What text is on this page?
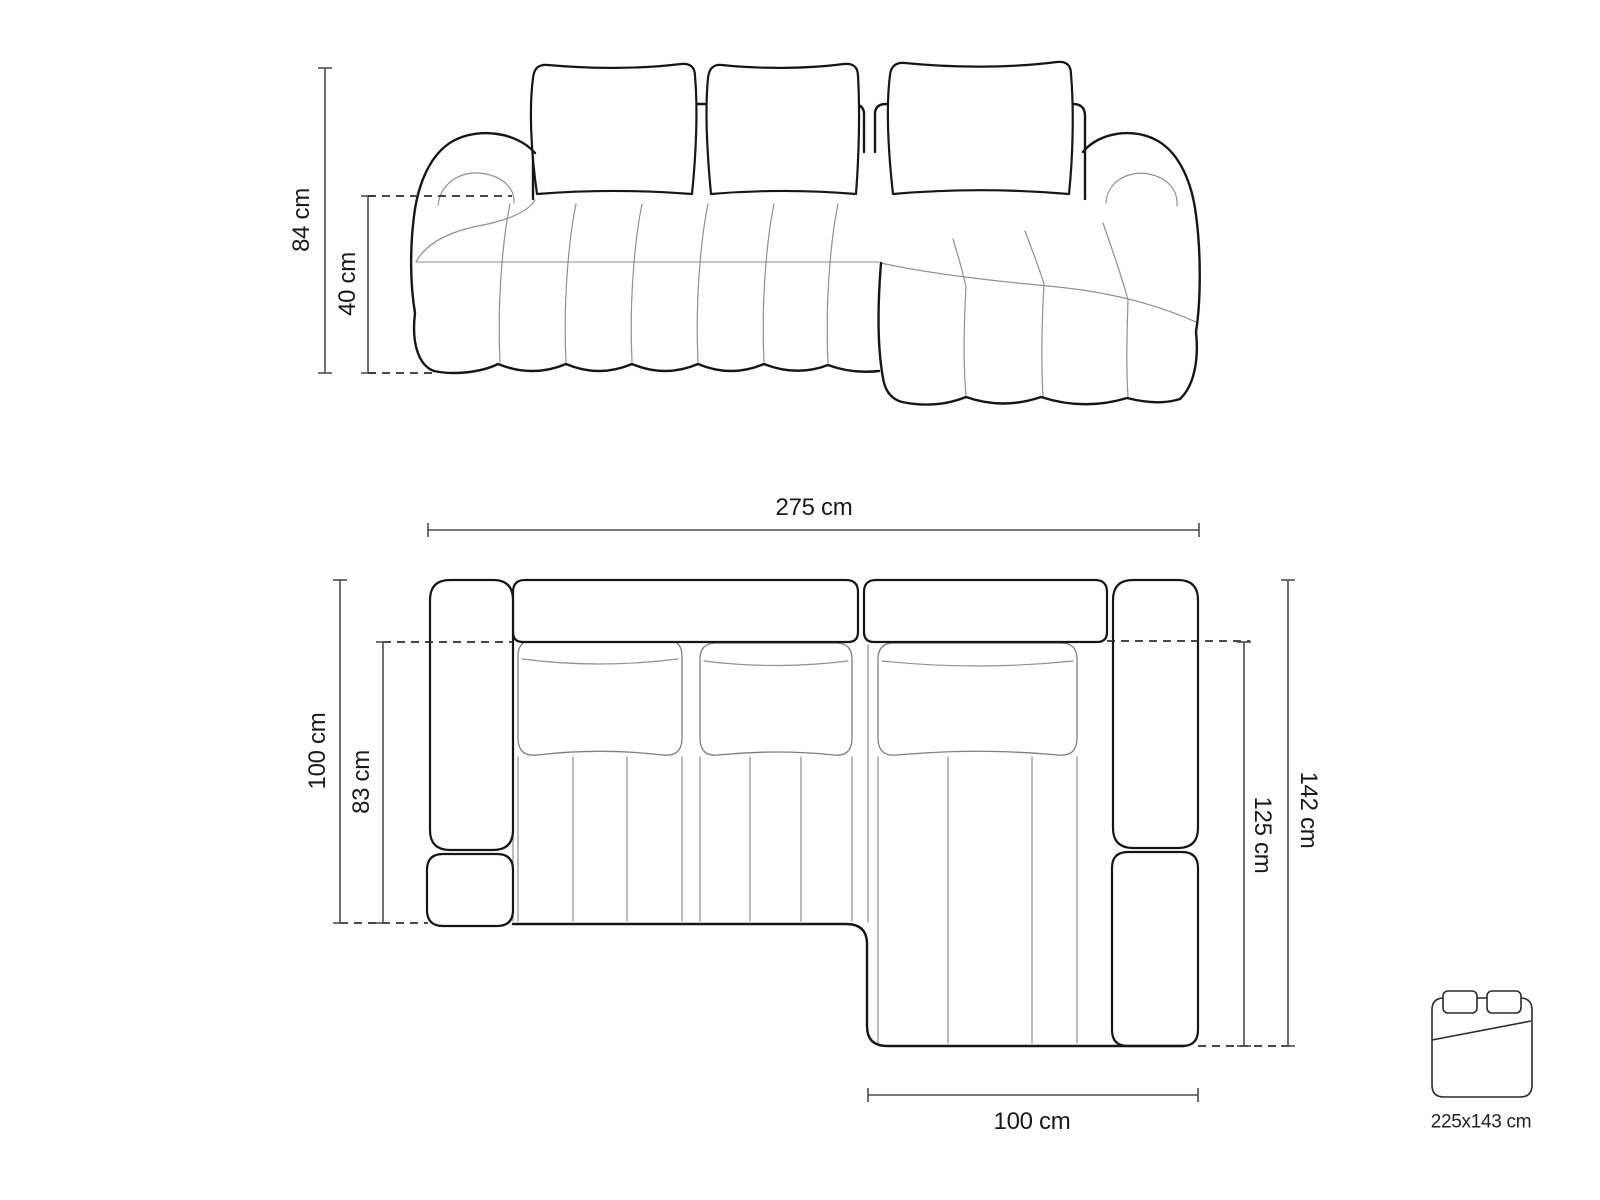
84 cm
40 cm
275 cm
100 cm 83 cm	142 cm
125 cm
100 cm	225x143 cm
